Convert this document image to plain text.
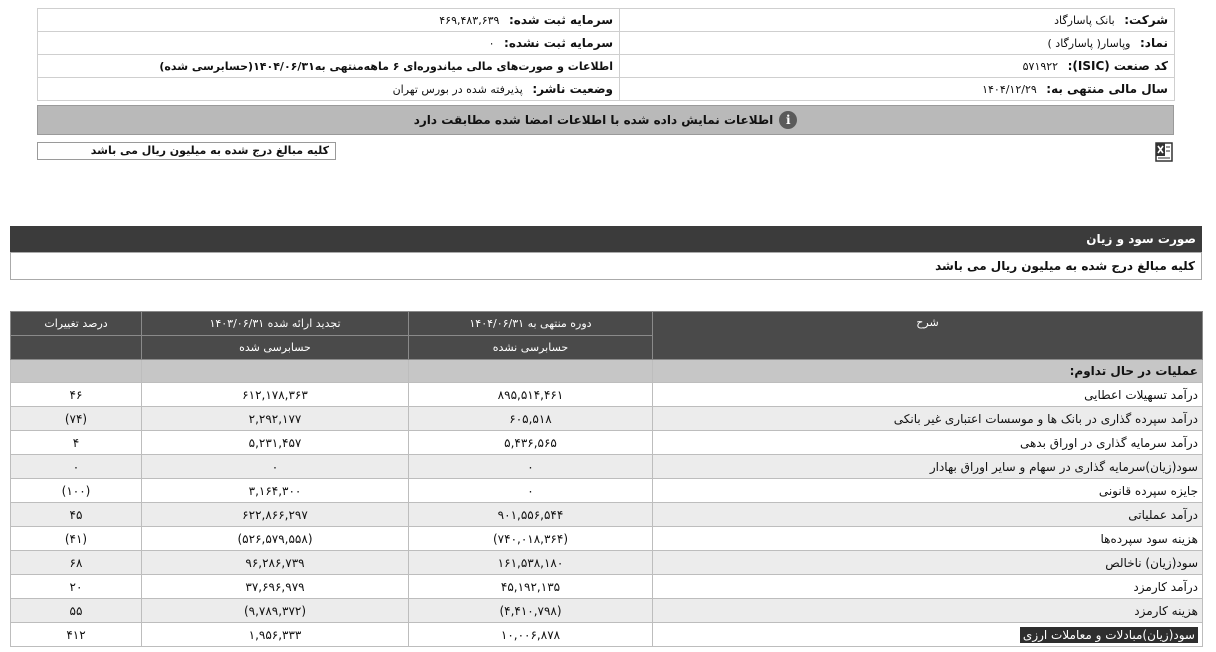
سرمایه ثبت شده: ۴۶۹,۴۸۳,۶۳۹	شرکت: بانک پاسارگاد
سرمایه ثبت نشده: ۰	نماد: وپاسار( پاسارگاد )
اطلاعات و صورت‌های مالی میاندوره‌ای ۶ ماهه‌منتهی به۱۴۰۴/۰۶/۳۱(حسابرسی شده)	کد صنعت (ISIC): ۵۷۱۹۲۲
وضعیت ناشر: پذیرفته شده در بورس تهران	سال مالی منتهی به: ۱۴۰۴/۱۲/۲۹
i
اطلاعات نمایش داده شده با اطلاعات امضا شده مطابقت دارد
کلیه مبالغ درج شده به میلیون ریال می باشد
صورت سود و زیان
کلیه مبالغ درج شده به میلیون ریال می باشد
درصد تغییرات	تجدید ارائه شده ۱۴۰۳/۰۶/۳۱	دوره منتهی به ۱۴۰۴/۰۶/۳۱	شرح
	حسابرسی شده	حسابرسی نشده	
			عملیات در حال تداوم:
۴۶	۶۱۲,۱۷۸,۳۶۳	۸۹۵,۵۱۴,۴۶۱	درآمد تسهیلات اعطایی
(۷۴)	۲,۲۹۲,۱۷۷	۶۰۵,۵۱۸	درآمد سپرده گذاری در بانک ها و موسسات اعتباری غیر بانکی
۴	۵,۲۳۱,۴۵۷	۵,۴۳۶,۵۶۵	درآمد سرمایه گذاری در اوراق بدهی
۰	۰	۰	سود(زیان)سرمایه گذاری در سهام و سایر اوراق بهادار
(۱۰۰)	۳,۱۶۴,۳۰۰	۰	جایزه سپرده قانونی
۴۵	۶۲۲,۸۶۶,۲۹۷	۹۰۱,۵۵۶,۵۴۴	درآمد عملیاتی
(۴۱)	(۵۲۶,۵۷۹,۵۵۸)	(۷۴۰,۰۱۸,۳۶۴)	هزینه سود سپرده‌ها
۶۸	۹۶,۲۸۶,۷۳۹	۱۶۱,۵۳۸,۱۸۰	سود(زیان) ناخالص
۲۰	۳۷,۶۹۶,۹۷۹	۴۵,۱۹۲,۱۳۵	درآمد کارمزد
۵۵	(۹,۷۸۹,۳۷۲)	(۴,۴۱۰,۷۹۸)	هزینه کارمزد
۴۱۲	۱,۹۵۶,۳۳۳	۱۰,۰۰۶,۸۷۸	سود(زیان)مبادلات و معاملات ارزی
